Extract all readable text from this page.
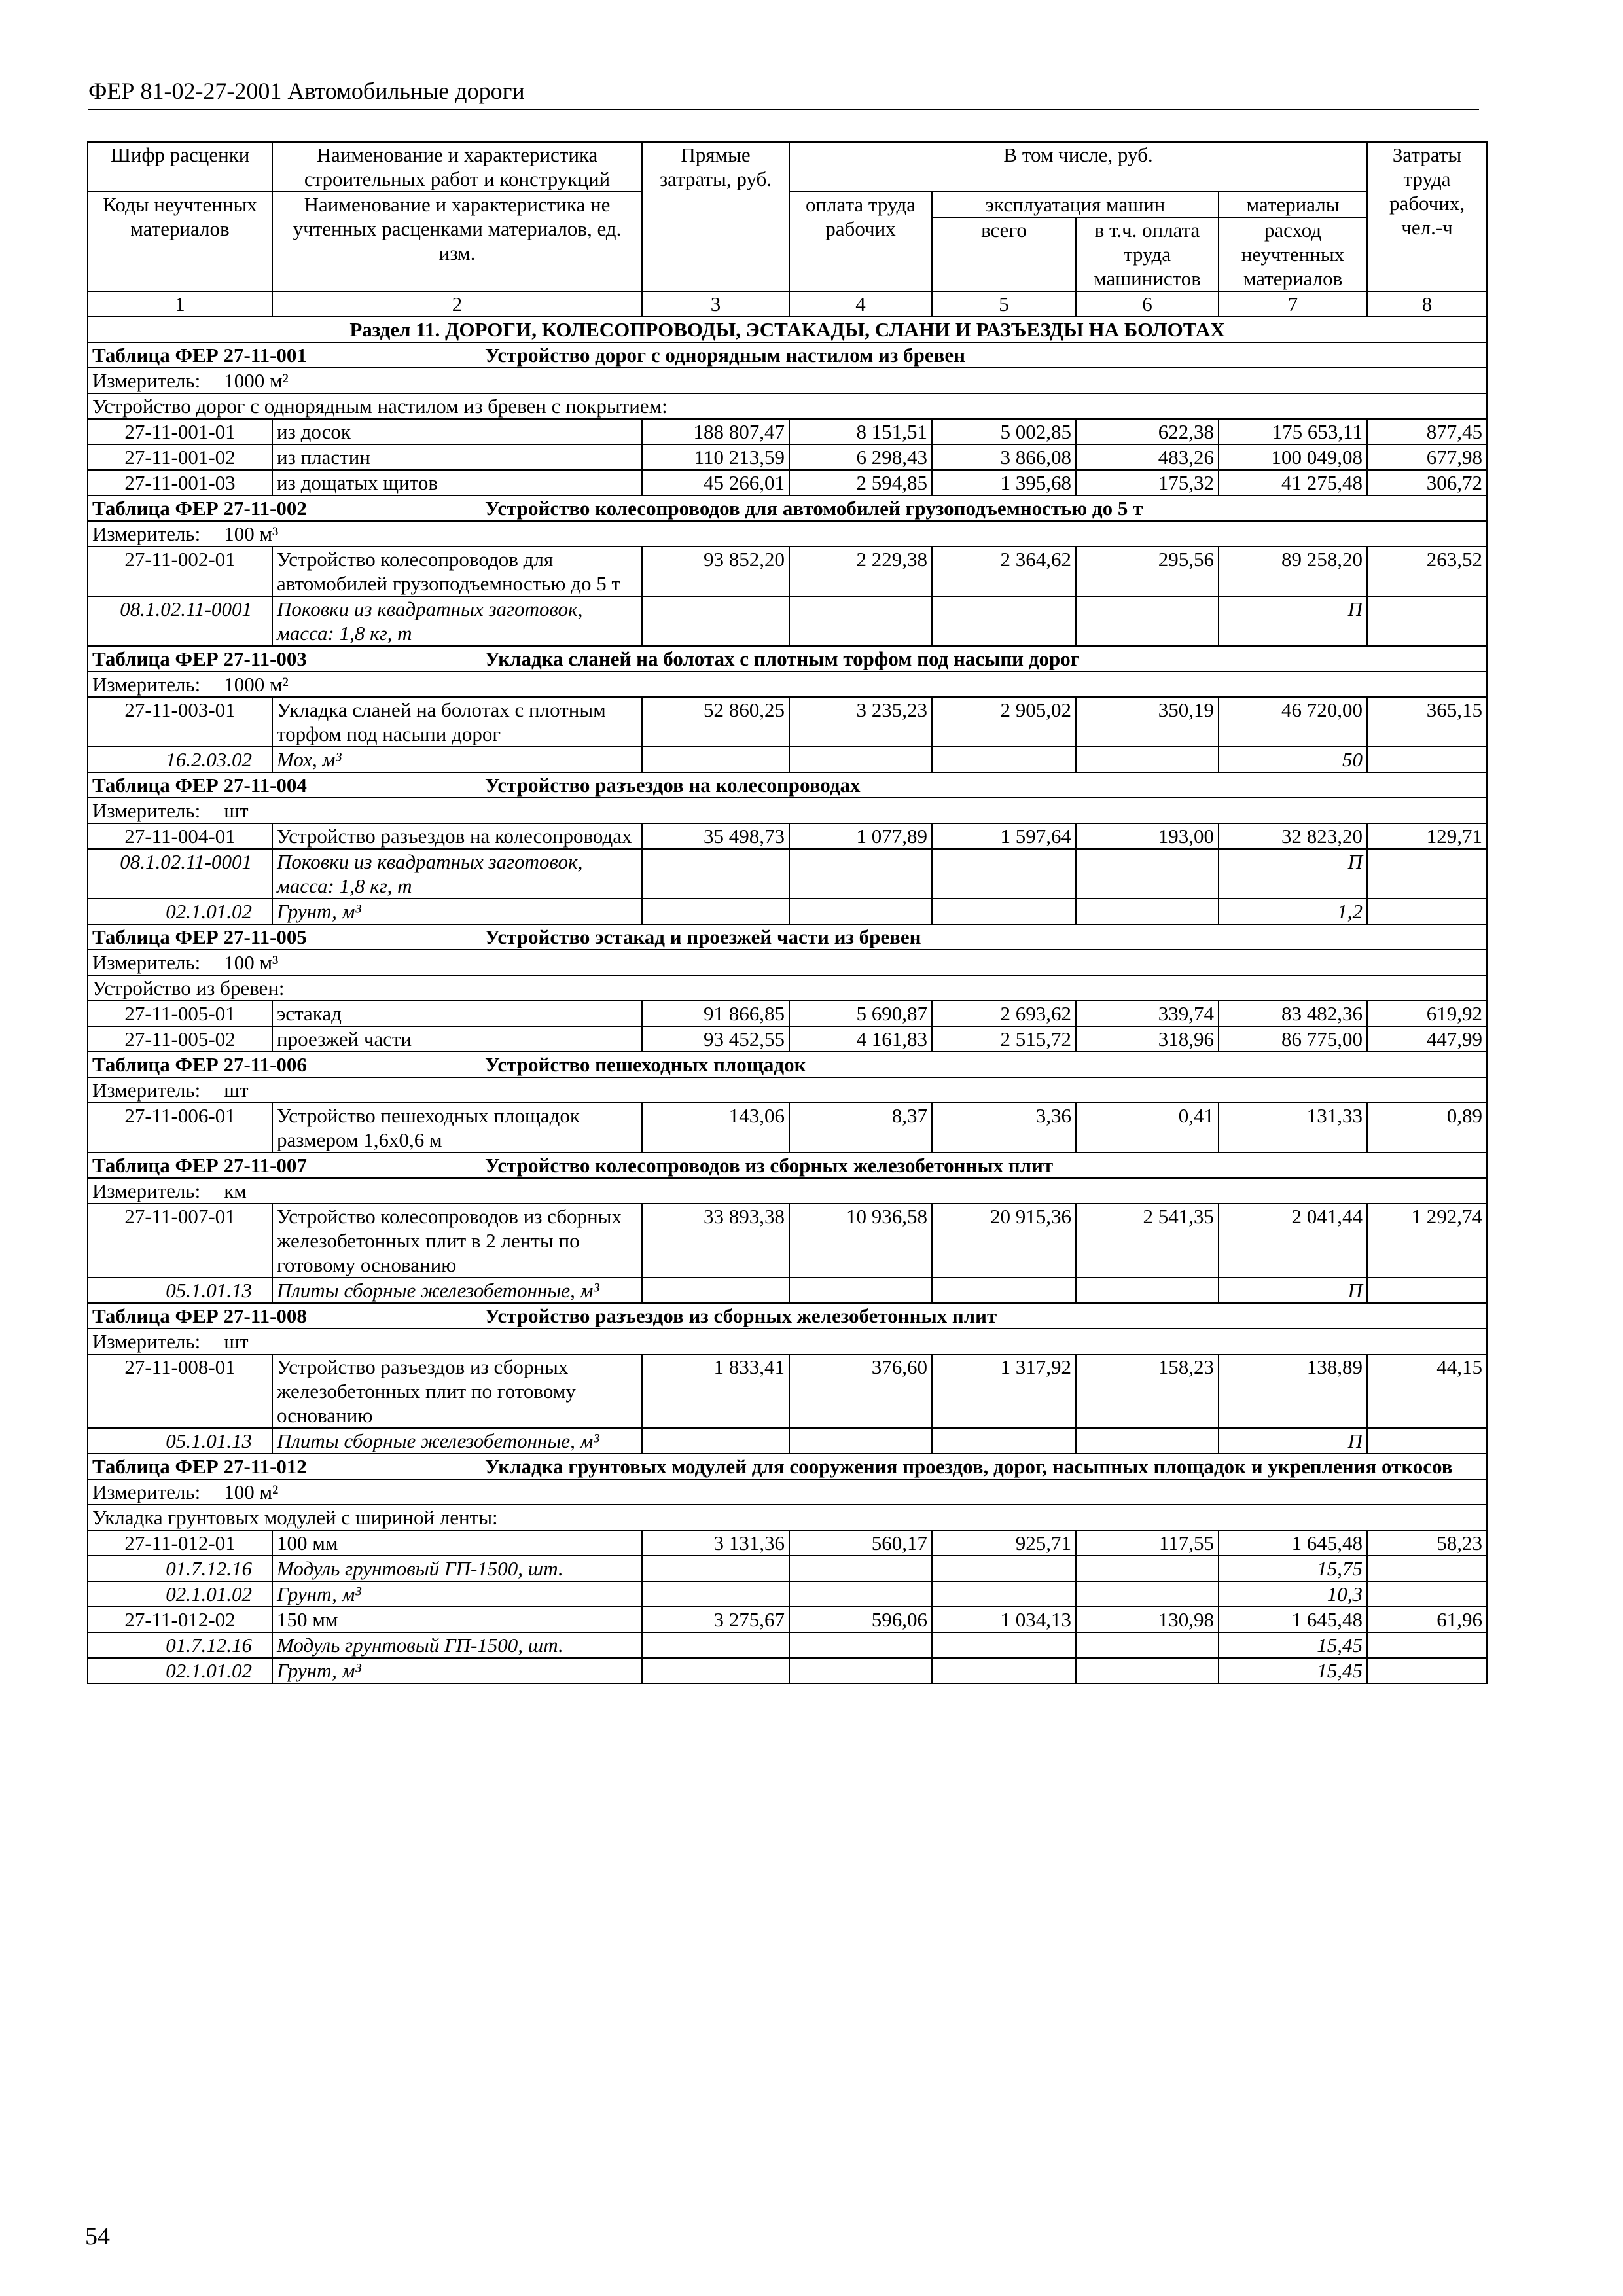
ФЕР 81-02-27-2001 Автомобильные дороги
Шифр расценки	Наименование и характеристика строительных работ и конструкций	Прямые затраты, руб.	В том числе, руб.				Затраты труда рабочих, чел.-ч
Коды неучтенных материалов	Наименование и характеристика не учтенных расценками материалов, ед. изм.		оплата труда рабочих	эксплуатация машин		материалы	
				всего	в т.ч. оплата труда машинистов	расход неучтенных материалов	
1	2	3	4	5	6	7	8
Раздел 11. ДОРОГИ, КОЛЕСОПРОВОДЫ, ЭСТАКАДЫ, СЛАНИ И РАЗЪЕЗДЫ НА БОЛОТАХ							
Таблица ФЕР 27-11-001 Устройство дорог с однорядным настилом из бревен							
Измеритель: 1000 м²							
Устройство дорог с однорядным настилом из бревен с покрытием:							
27-11-001-01	из досок	188 807,47	8 151,51	5 002,85	622,38	175 653,11	877,45
27-11-001-02	из пластин	110 213,59	6 298,43	3 866,08	483,26	100 049,08	677,98
27-11-001-03	из дощатых щитов	45 266,01	2 594,85	1 395,68	175,32	41 275,48	306,72
Таблица ФЕР 27-11-002 Устройство колесопроводов для автомобилей грузоподъемностью до 5 т							
Измеритель: 100 м³							
27-11-002-01	Устройство колесопроводов для автомобилей грузоподъемностью до 5 т	93 852,20	2 229,38	2 364,62	295,56	89 258,20	263,52
08.1.02.11-0001	Поковки из квадратных заготовок, масса: 1,8 кг, т					П	
Таблица ФЕР 27-11-003 Укладка сланей на болотах с плотным торфом под насыпи дорог							
Измеритель: 1000 м²							
27-11-003-01	Укладка сланей на болотах с плотным торфом под насыпи дорог	52 860,25	3 235,23	2 905,02	350,19	46 720,00	365,15
16.2.03.02	Мох, м³					50	
Таблица ФЕР 27-11-004 Устройство разъездов на колесопроводах							
Измеритель: шт							
27-11-004-01	Устройство разъездов на колесопроводах	35 498,73	1 077,89	1 597,64	193,00	32 823,20	129,71
08.1.02.11-0001	Поковки из квадратных заготовок, масса: 1,8 кг, т					П	
02.1.01.02	Грунт, м³					1,2	
Таблица ФЕР 27-11-005 Устройство эстакад и проезжей части из бревен							
Измеритель: 100 м³							
Устройство из бревен:							
27-11-005-01	эстакад	91 866,85	5 690,87	2 693,62	339,74	83 482,36	619,92
27-11-005-02	проезжей части	93 452,55	4 161,83	2 515,72	318,96	86 775,00	447,99
Таблица ФЕР 27-11-006 Устройство пешеходных площадок							
Измеритель: шт							
27-11-006-01	Устройство пешеходных площадок размером 1,6х0,6 м	143,06	8,37	3,36	0,41	131,33	0,89
Таблица ФЕР 27-11-007 Устройство колесопроводов из сборных железобетонных плит							
Измеритель: км							
27-11-007-01	Устройство колесопроводов из сборных железобетонных плит в 2 ленты по готовому основанию	33 893,38	10 936,58	20 915,36	2 541,35	2 041,44	1 292,74
05.1.01.13	Плиты сборные железобетонные, м³					П	
Таблица ФЕР 27-11-008 Устройство разъездов из сборных железобетонных плит							
Измеритель: шт							
27-11-008-01	Устройство разъездов из сборных железобетонных плит по готовому основанию	1 833,41	376,60	1 317,92	158,23	138,89	44,15
05.1.01.13	Плиты сборные железобетонные, м³					П	
Таблица ФЕР 27-11-012 Укладка грунтовых модулей для сооружения проездов, дорог, насыпных площадок и укрепления откосов							
Измеритель: 100 м²							
Укладка грунтовых модулей с шириной ленты:							
27-11-012-01	100 мм	3 131,36	560,17	925,71	117,55	1 645,48	58,23
01.7.12.16	Модуль грунтовый ГП-1500, шт.					15,75	
02.1.01.02	Грунт, м³					10,3	
27-11-012-02	150 мм	3 275,67	596,06	1 034,13	130,98	1 645,48	61,96
01.7.12.16	Модуль грунтовый ГП-1500, шт.					15,45	
02.1.01.02	Грунт, м³					15,45	
54
